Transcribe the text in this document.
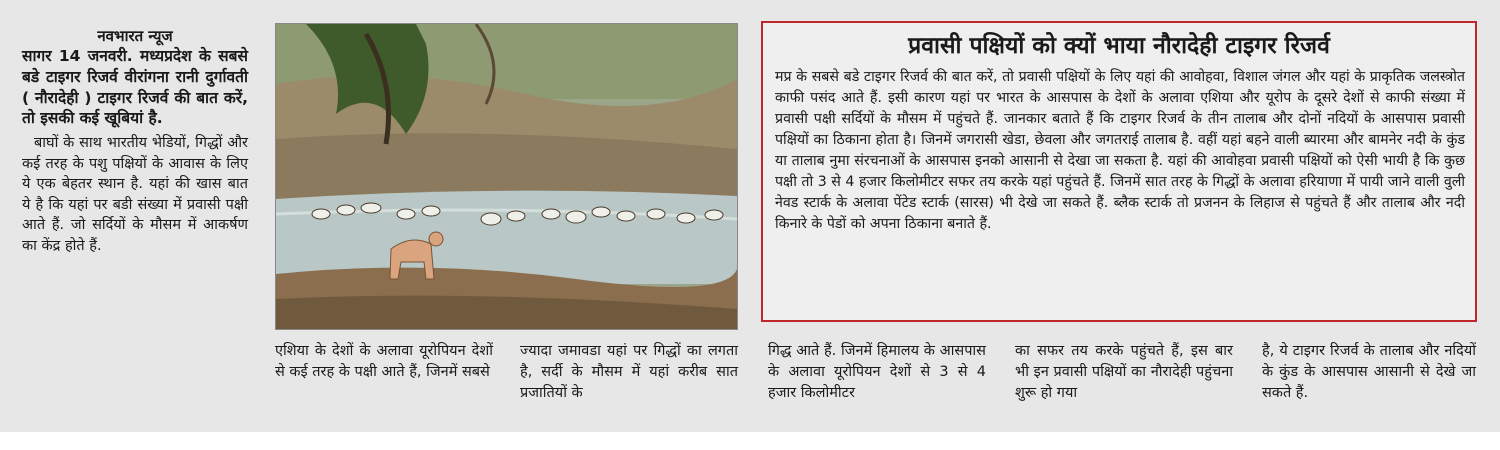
नवभारत न्यूज

सागर 14 जनवरी. मध्यप्रदेश के सबसे बडे टाइगर रिजर्व वीरांगना रानी दुर्गावती ( नौरादेही ) टाइगर रिजर्व की बात करें, तो इसकी कई खूबियां है.

बाघों के साथ भारतीय भेडियों, गिद्धों और कई तरह के पशु पक्षियों के आवास के लिए ये एक बेहतर स्थान है. यहां की खास बात ये है कि यहां पर बडी संख्या में प्रवासी पक्षी आते हैं. जो सर्दियों के मौसम में आकर्षण का केंद्र होते हैं.

एशिया के देशों के अलावा यूरोपियन देशों से कई तरह के पक्षी आते हैं, जिनमें सबसे

ज्यादा जमावडा यहां पर गिद्धों का लगता है, सर्दी के मौसम में यहां करीब सात प्रजातियों के

गिद्ध आते हैं. जिनमें हिमालय के आसपास के अलावा यूरोपियन देशों से 3 से 4 हजार किलोमीटर

का सफर तय करके पहुंचते हैं, इस बार भी इन प्रवासी पक्षियों का नौरादेही पहुंचना शुरू हो गया

है, ये टाइगर रिजर्व के तालाब और नदियों के कुंड के आसपास आसानी से देखे जा सकते हैं.

प्रवासी पक्षियों को क्यों भाया नौरादेही टाइगर रिजर्व

मप्र के सबसे बडे टाइगर रिजर्व की बात करें, तो प्रवासी पक्षियों के लिए यहां की आवोहवा, विशाल जंगल और यहां के प्राकृतिक जलस्त्रोत काफी पसंद आते हैं. इसी कारण यहां पर भारत के आसपास के देशों के अलावा एशिया और यूरोप के दूसरे देशों से काफी संख्या में प्रवासी पक्षी सर्दियों के मौसम में पहुंचते हैं. जानकार बताते हैं कि टाइगर रिजर्व के तीन तालाब और दोनों नदियों के आसपास प्रवासी पक्षियों का ठिकाना होता है। जिनमें जगरासी खेडा, छेवला और जगतराई तालाब है. वहीं यहां बहने वाली ब्यारमा और बामनेर नदी के कुंड या तालाब नुमा संरचनाओं के आसपास इनको आसानी से देखा जा सकता है. यहां की आवोहवा प्रवासी पक्षियों को ऐसी भायी है कि कुछ पक्षी तो 3 से 4 हजार किलोमीटर सफर तय करके यहां पहुंचते हैं. जिनमें सात तरह के गिद्धों के अलावा हरियाणा में पायी जाने वाली वुली नेवड स्टार्क के अलावा पेंटेड स्टार्क (सारस) भी देखे जा सकते हैं. ब्लैक स्टार्क तो प्रजनन के लिहाज से पहुंचते हैं और तालाब और नदी किनारे के पेडों को अपना ठिकाना बनाते हैं.
